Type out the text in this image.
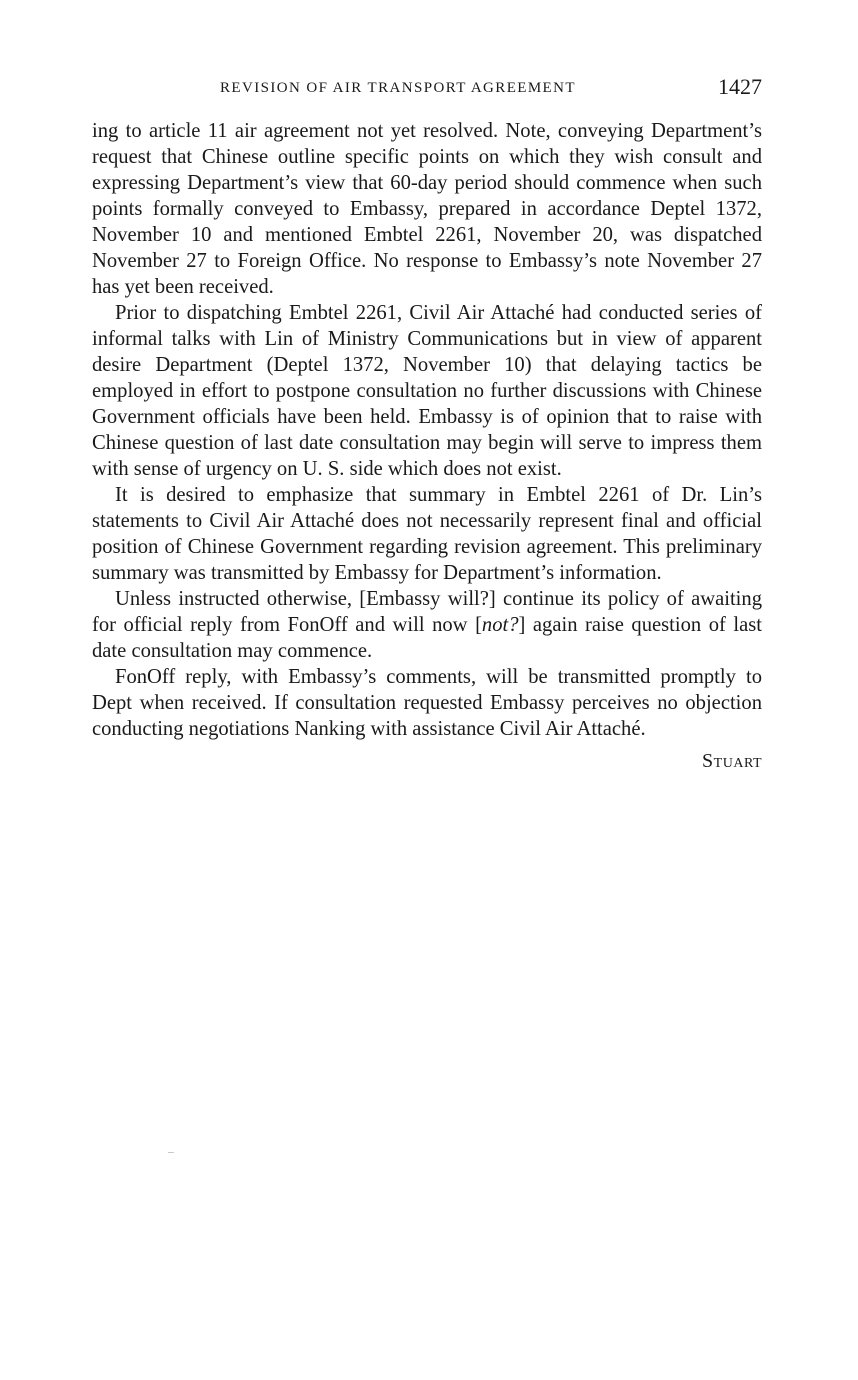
REVISION OF AIR TRANSPORT AGREEMENT	1427

ing to article 11 air agreement not yet resolved. Note, conveying Department’s request that Chinese outline specific points on which they wish consult and expressing Department’s view that 60-day period should commence when such points formally conveyed to Embassy, prepared in accordance Deptel 1372, November 10 and mentioned Embtel 2261, November 20, was dispatched November 27 to Foreign Office. No response to Embassy’s note November 27 has yet been received.

Prior to dispatching Embtel 2261, Civil Air Attaché had conducted series of informal talks with Lin of Ministry Communications but in view of apparent desire Department (Deptel 1372, November 10) that delaying tactics be employed in effort to postpone consultation no further discussions with Chinese Government officials have been held. Embassy is of opinion that to raise with Chinese question of last date consultation may begin will serve to impress them with sense of urgency on U. S. side which does not exist.

It is desired to emphasize that summary in Embtel 2261 of Dr. Lin’s statements to Civil Air Attaché does not necessarily represent final and official position of Chinese Government regarding revision agreement. This preliminary summary was transmitted by Embassy for Department’s information.

Unless instructed otherwise, [Embassy will?] continue its policy of awaiting for official reply from FonOff and will now [not?] again raise question of last date consultation may commence.

FonOff reply, with Embassy’s comments, will be transmitted promptly to Dept when received. If consultation requested Embassy perceives no objection conducting negotiations Nanking with assistance Civil Air Attaché.

Stuart
